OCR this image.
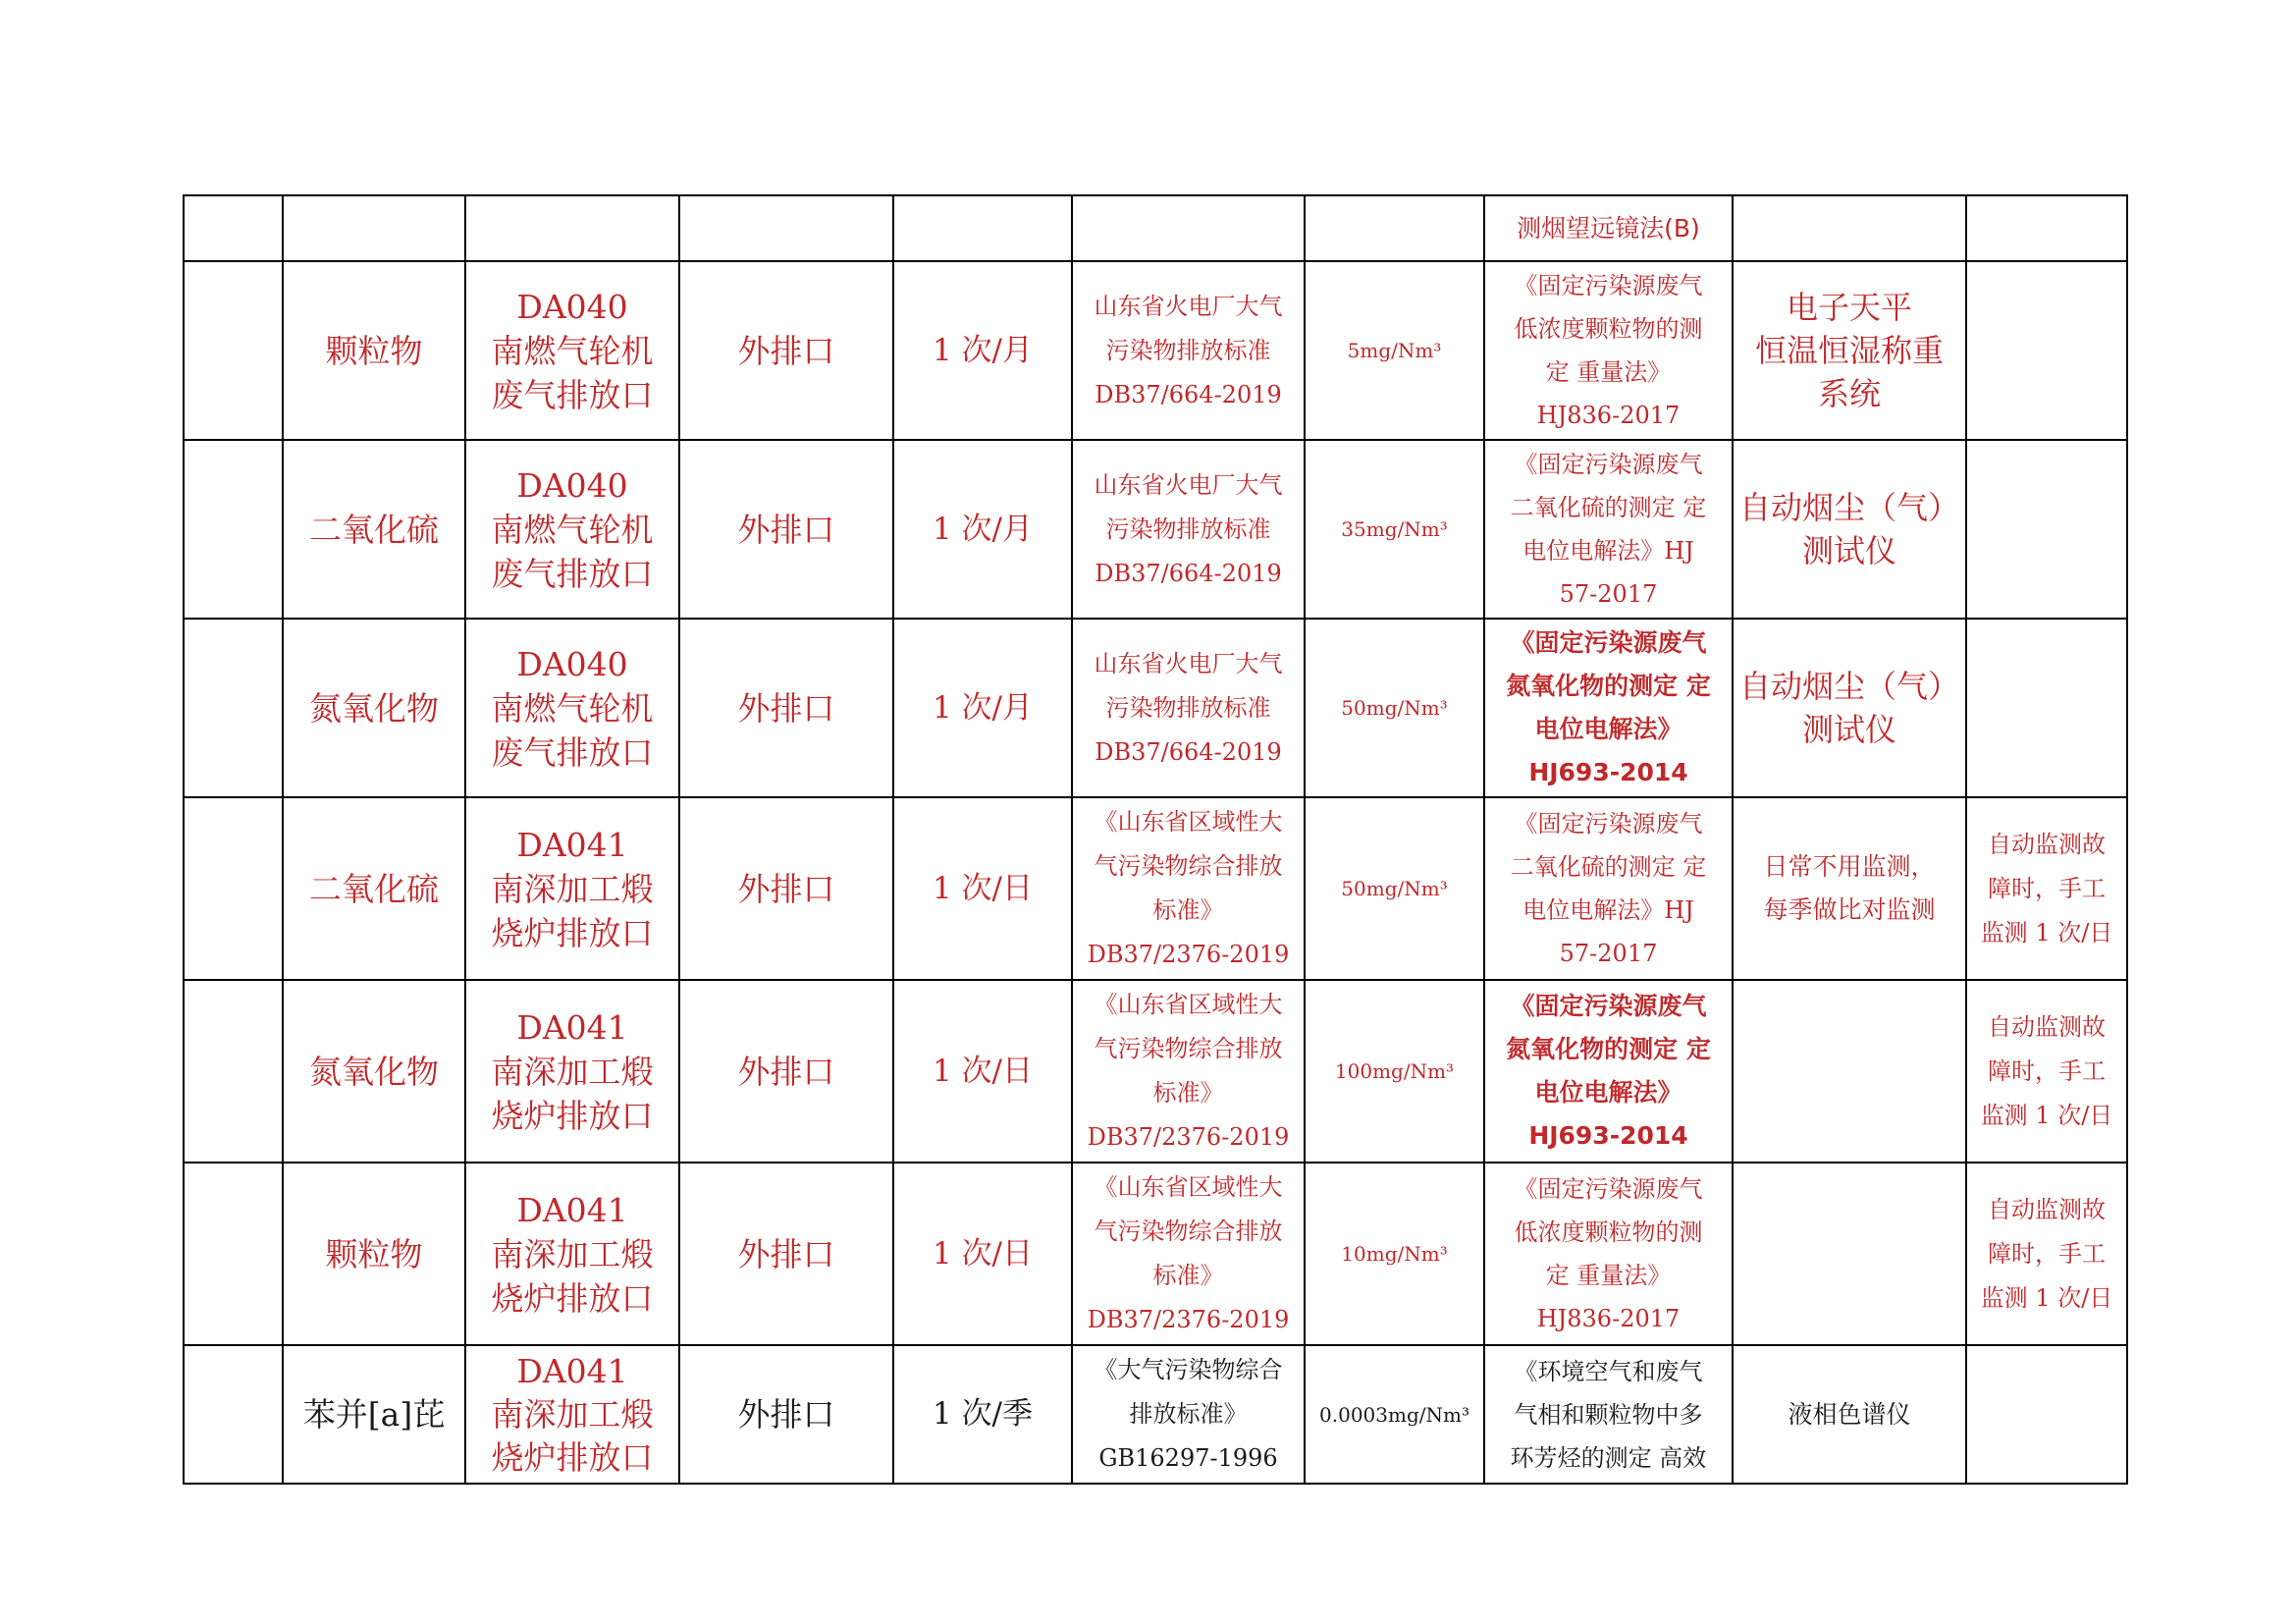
							测烟望远镜法(B)		
	颗粒物	DA040
南燃气轮机
废气排放口	外排口	1 次/月	山东省火电厂大气
污染物排放标准
DB37/664-2019	5mg/Nm³	《固定污染源废气
低浓度颗粒物的测
定 重量法》
HJ836-2017	电子天平
恒温恒湿称重
系统	
	二氧化硫	DA040
南燃气轮机
废气排放口	外排口	1 次/月	山东省火电厂大气
污染物排放标准
DB37/664-2019	35mg/Nm³	《固定污染源废气
二氧化硫的测定 定
电位电解法》HJ
57-2017	自动烟尘（气）
测试仪	
	氮氧化物	DA040
南燃气轮机
废气排放口	外排口	1 次/月	山东省火电厂大气
污染物排放标准
DB37/664-2019	50mg/Nm³	《固定污染源废气
氮氧化物的测定 定
电位电解法》
HJ693-2014	自动烟尘（气）
测试仪	
	二氧化硫	DA041
南深加工煅
烧炉排放口	外排口	1 次/日	《山东省区域性大
气污染物综合排放
标准》
DB37/2376-2019	50mg/Nm³	《固定污染源废气
二氧化硫的测定 定
电位电解法》HJ
57-2017	日常不用监测，
每季做比对监测	自动监测故
障时，手工
监测 1 次/日
	氮氧化物	DA041
南深加工煅
烧炉排放口	外排口	1 次/日	《山东省区域性大
气污染物综合排放
标准》
DB37/2376-2019	100mg/Nm³	《固定污染源废气
氮氧化物的测定 定
电位电解法》
HJ693-2014		自动监测故
障时，手工
监测 1 次/日
	颗粒物	DA041
南深加工煅
烧炉排放口	外排口	1 次/日	《山东省区域性大
气污染物综合排放
标准》
DB37/2376-2019	10mg/Nm³	《固定污染源废气
低浓度颗粒物的测
定 重量法》
HJ836-2017		自动监测故
障时，手工
监测 1 次/日
	苯并[a]芘	DA041
南深加工煅
烧炉排放口	外排口	1 次/季	《大气污染物综合
排放标准》
GB16297-1996	0.0003mg/Nm³	《环境空气和废气
气相和颗粒物中多
环芳烃的测定 高效	液相色谱仪	
